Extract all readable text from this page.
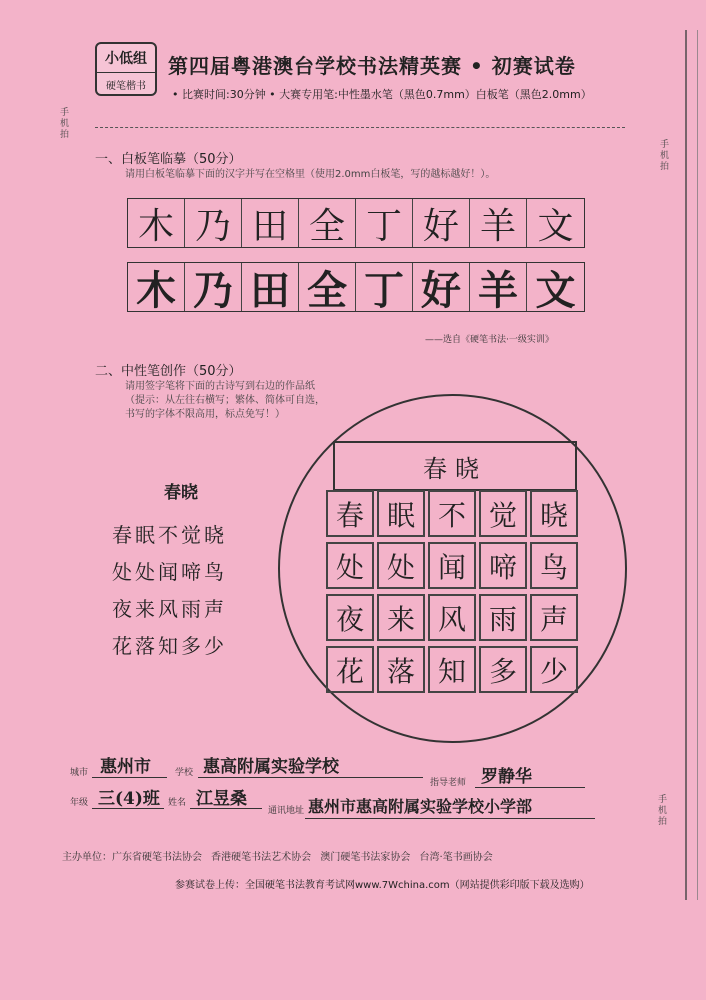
小低组
硬笔楷书
第四届粤港澳台学校书法精英赛 • 初赛试卷
• 比赛时间:30分钟 • 大赛专用笔:中性墨水笔（黑色0.7mm）白板笔（黑色2.0mm）
手机拍
手机拍
手机拍
一、白板笔临摹（50分）
请用白板笔临摹下面的汉字并写在空格里（使用2.0mm白板笔，写的越标越好！）。
木 乃 田 全 丁 好 羊 文
木 乃 田 全 丁 好 羊 文
——选自《硬笔书法·一级实训》
二、中性笔创作（50分）
请用签字笔将下面的古诗写到右边的作品纸
（提示：从左往右横写；繁体、简体可自选，
书写的字体不限高用，标点免写！）
春晓
春眠不觉晓
处处闻啼鸟
夜来风雨声
花落知多少
春晓
春 眠 不 觉 晓
处 处 闻 啼 鸟
夜 来 风 雨 声
花 落 知 多 少
城市 惠州市	学校 惠高附属实验学校
指导老师 罗静华
年级 三(4)班 姓名 江昱桑
通讯地址 惠州市惠高附属实验学校小学部
主办单位：广东省硬笔书法协会 香港硬笔书法艺术协会 澳门硬笔书法家协会 台湾·笔书画协会
参赛试卷上传：全国硬笔书法教育考试网www.7Wchina.com（网站提供彩印版下载及选购）
